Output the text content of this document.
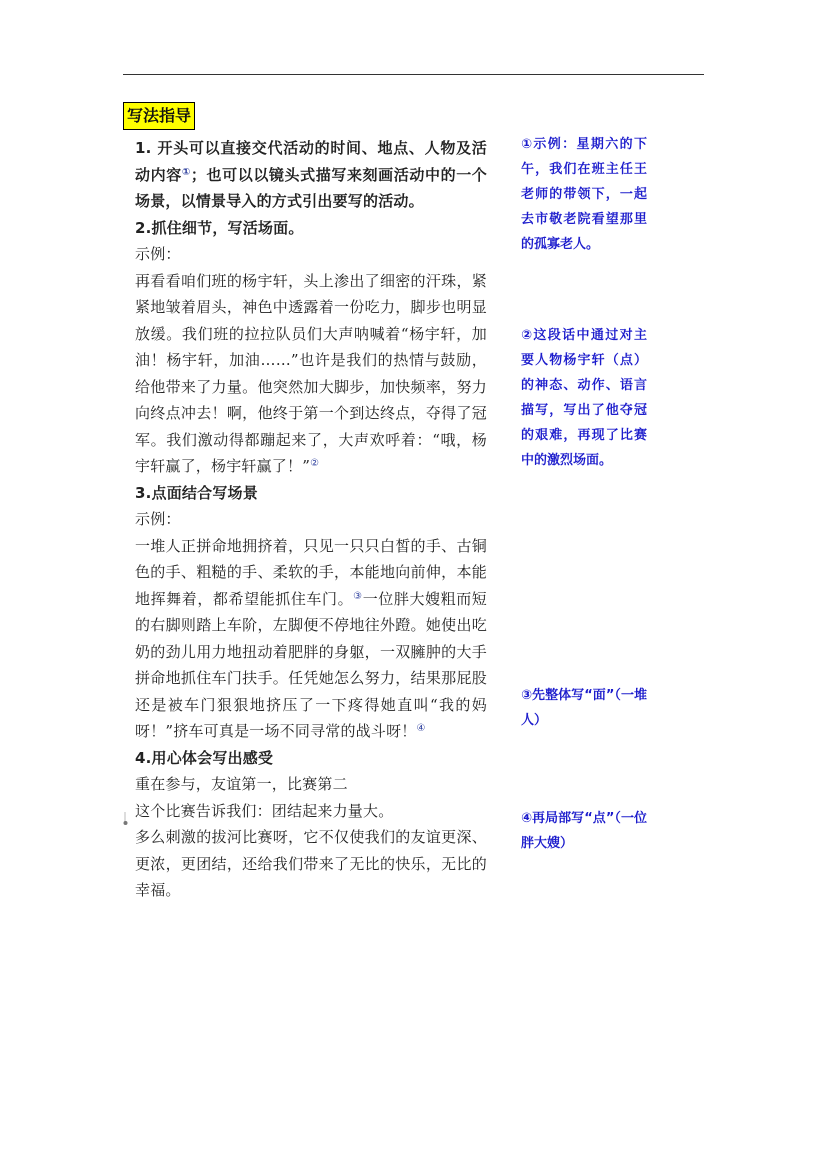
写法指导

1. 开头可以直接交代活动的时间、地点、人物及活动内容①；也可以以镜头式描写来刻画活动中的一个场景，以情景导入的方式引出要写的活动。

2.抓住细节，写活场面。

示例：

再看看咱们班的杨宇轩，头上渗出了细密的汗珠，紧紧地皱着眉头，神色中透露着一份吃力，脚步也明显放缓。我们班的拉拉队员们大声呐喊着“杨宇轩，加油！杨宇轩，加油……”也许是我们的热情与鼓励，给他带来了力量。他突然加大脚步，加快频率，努力向终点冲去！啊，他终于第一个到达终点，夺得了冠军。我们激动得都蹦起来了，大声欢呼着：“哦，杨宇轩赢了，杨宇轩赢了！”②

3.点面结合写场景

示例：

一堆人正拼命地拥挤着，只见一只只白皙的手、古铜色的手、粗糙的手、柔软的手，本能地向前伸，本能地挥舞着，都希望能抓住车门。③一位胖大嫂粗而短的右脚则踏上车阶，左脚便不停地往外蹬。她使出吃奶的劲儿用力地扭动着肥胖的身躯，一双臃肿的大手拼命地抓住车门扶手。任凭她怎么努力，结果那屁股还是被车门狠狠地挤压了一下疼得她直叫“我的妈呀！”挤车可真是一场不同寻常的战斗呀！④

4.用心体会写出感受

重在参与，友谊第一，比赛第二

这个比赛告诉我们：团结起来力量大。

多么刺激的拔河比赛呀，它不仅使我们的友谊更深、更浓，更团结，还给我们带来了无比的快乐，无比的幸福。

①示例：星期六的下午，我们在班主任王老师的带领下，一起去市敬老院看望那里的孤寡老人。
②这段话中通过对主要人物杨宇轩（点）的神态、动作、语言描写，写出了他夺冠的艰难，再现了比赛中的激烈场面。
③先整体写“面”（一堆人）
④再局部写“点”（一位胖大嫂）
